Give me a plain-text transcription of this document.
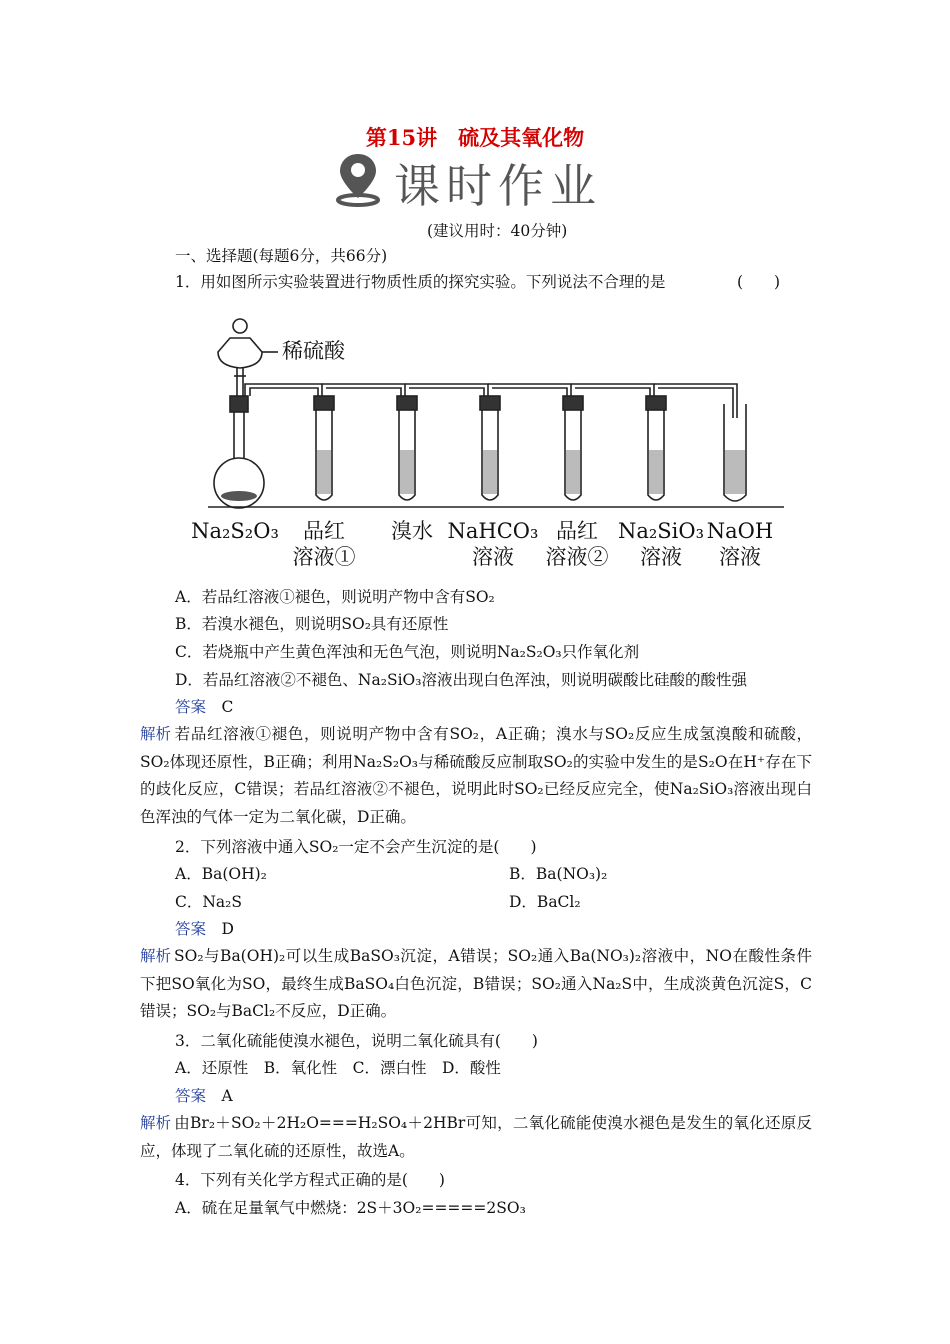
第15讲　硫及其氧化物
课时作业
(建议用时：40分钟)
一、选择题(每题6分，共66分)
1．用如图所示实验装置进行物质性质的探究实验。下列说法不合理的是	(　　)
稀硫酸
Na₂S₂O₃ 品红
溶液①
溴水 NaHCO₃
溶液
品红
溶液②
Na₂SiO₃
溶液
NaOH
溶液
A．若品红溶液①褪色，则说明产物中含有SO₂
B．若溴水褪色，则说明SO₂具有还原性
C．若烧瓶中产生黄色浑浊和无色气泡，则说明Na₂S₂O₃只作氧化剂
D．若品红溶液②不褪色、Na₂SiO₃溶液出现白色浑浊，则说明碳酸比硅酸的酸性强
答案　 C
解析 若品红溶液①褪色，则说明产物中含有SO₂，A正确；溴水与SO₂反应生成氢溴酸和硫酸，SO₂体现还原性，B正确；利用Na₂S₂O₃与稀硫酸反应制取SO₂的实验中发生的是S₂O在H⁺存在下的歧化反应，C错误；若品红溶液②不褪色，说明此时SO₂已经反应完全，使Na₂SiO₃溶液出现白色浑浊的气体一定为二氧化碳，D正确。
2．下列溶液中通入SO₂一定不会产生沉淀的是(　　)
A．Ba(OH)₂	B．Ba(NO₃)₂
C．Na₂S	D．BaCl₂
答案　 D
解析 SO₂与Ba(OH)₂可以生成BaSO₃沉淀，A错误；SO₂通入Ba(NO₃)₂溶液中，NO在酸性条件下把SO氧化为SO，最终生成BaSO₄白色沉淀，B错误；SO₂通入Na₂S中，生成淡黄色沉淀S，C错误；SO₂与BaCl₂不反应，D正确。
3．二氧化硫能使溴水褪色，说明二氧化硫具有(　　)
A．还原性　B．氧化性　C．漂白性　D．酸性
答案　 A
解析 由Br₂＋SO₂＋2H₂O===H₂SO₄＋2HBr可知，二氧化硫能使溴水褪色是发生的氧化还原反应，体现了二氧化硫的还原性，故选A。
4．下列有关化学方程式正确的是(　　)
A．硫在足量氧气中燃烧：2S＋3O₂=====2SO₃
